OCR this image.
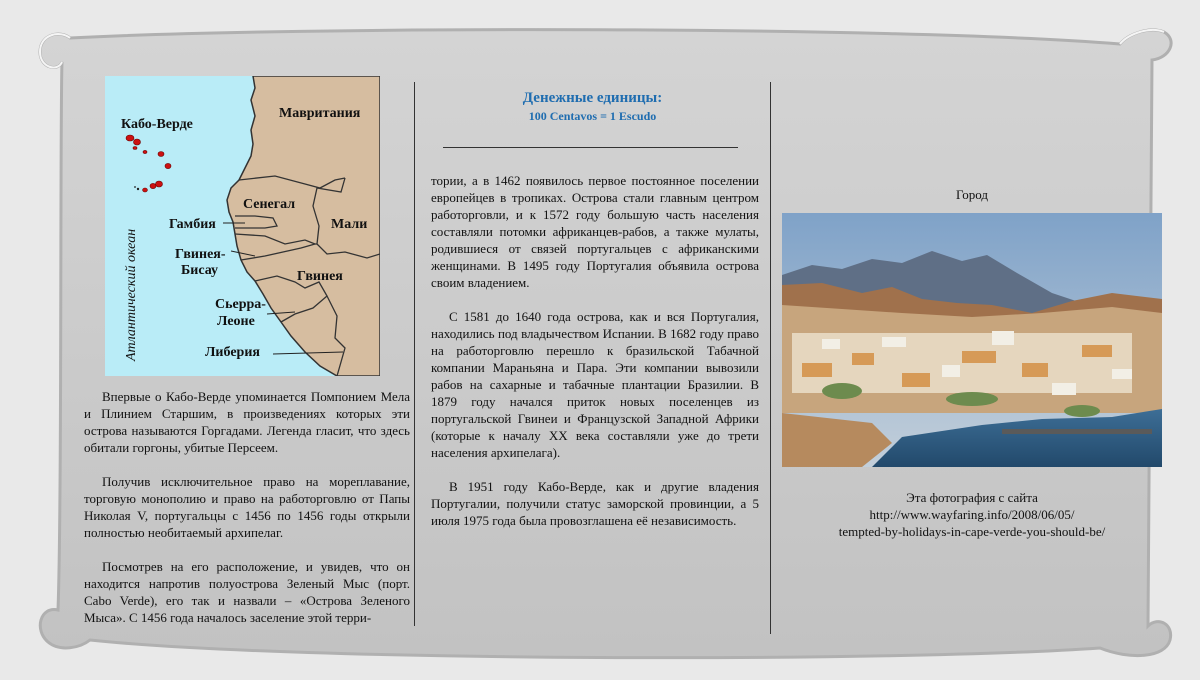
Кабо-Верде
Атлантический океан
Мавритания
Сенегал
Мали
Гамбия
Гвинея-
Бисау	Гвинея
Сьерра-
Леоне
Либерия

Впервые о Кабо-Верде упоминается Помпонием Мела и Плинием Старшим, в произведениях которых эти острова называются Горгадами. Легенда гласит, что здесь обитали горгоны, убитые Персеем.

Получив исключительное право на мореплавание, торговую монополию и право на работорговлю от Папы Николая V, португальцы с 1456 по 1456 годы открыли полностью необитаемый архипелаг.

Посмотрев на его расположение, и увидев, что он находится напротив полуострова Зеленый Мыс (порт. Cabo Verde), его так и назвали – «Острова Зеленого Мыса». С 1456 года началось заселение этой терри-

Денежные единицы:
100 Centavos = 1 Escudo

тории, а в 1462 появилось первое постоянное поселении европейцев в тропиках. Острова стали главным центром работорговли, и к 1572 году большую часть населения составляли потомки африканцев-рабов, а также мулаты, родившиеся от связей португальцев с африканскими женщинами. В 1495 году Португалия объявила острова своим владением.

С 1581 до 1640 года острова, как и вся Португалия, находились под владычеством Испании. В 1682 году право на работорговлю перешло к бразильской Табачной компании Мараньяна и Пара. Эти компании вывозили рабов на сахарные и табачные плантации Бразилии. В 1879 году начался приток новых поселенцев из португальской Гвинеи и Французской Западной Африки (которые к началу XX века составляли уже до трети населения архипелага).

В 1951 году Кабо-Верде, как и другие владения Португалии, получили статус заморской провинции, а 5 июля 1975 года была провозглашена её независимость.

Город
Эта фотография с сайта
http://www.wayfaring.info/2008/06/05/
tempted-by-holidays-in-cape-verde-you-should-be/
